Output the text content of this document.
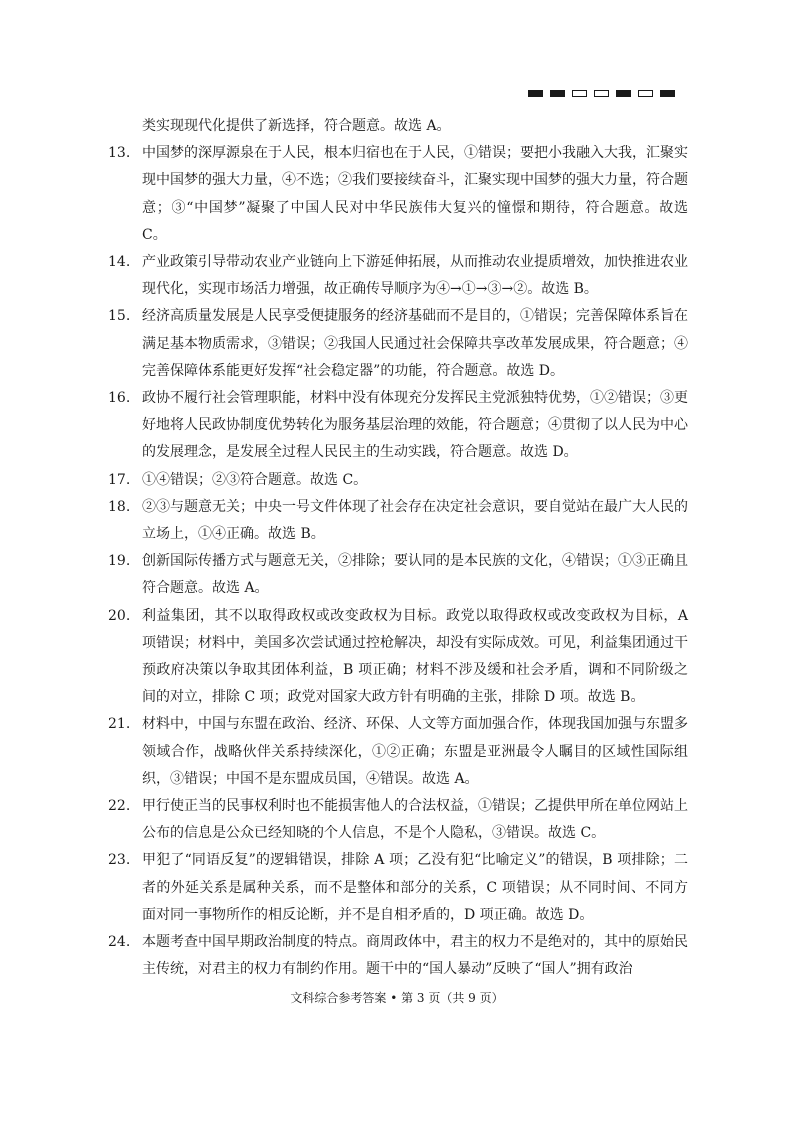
类实现现代化提供了新选择，符合题意。故选 A。
13. 中国梦的深厚源泉在于人民，根本归宿也在于人民，①错误；要把小我融入大我，汇聚实现中国梦的强大力量，④不选；②我们要接续奋斗，汇聚实现中国梦的强大力量，符合题意；③“中国梦”凝聚了中国人民对中华民族伟大复兴的憧憬和期待，符合题意。故选 C。
14. 产业政策引导带动农业产业链向上下游延伸拓展，从而推动农业提质增效，加快推进农业现代化，实现市场活力增强，故正确传导顺序为④→①→③→②。故选 B。
15. 经济高质量发展是人民享受便捷服务的经济基础而不是目的，①错误；完善保障体系旨在满足基本物质需求，③错误；②我国人民通过社会保障共享改革发展成果，符合题意；④完善保障体系能更好发挥“社会稳定器”的功能，符合题意。故选 D。
16. 政协不履行社会管理职能，材料中没有体现充分发挥民主党派独特优势，①②错误；③更好地将人民政协制度优势转化为服务基层治理的效能，符合题意；④贯彻了以人民为中心的发展理念，是发展全过程人民民主的生动实践，符合题意。故选 D。
17. ①④错误；②③符合题意。故选 C。
18. ②③与题意无关；中央一号文件体现了社会存在决定社会意识，要自觉站在最广大人民的立场上，①④正确。故选 B。
19. 创新国际传播方式与题意无关，②排除；要认同的是本民族的文化，④错误；①③正确且符合题意。故选 A。
20. 利益集团，其不以取得政权或改变政权为目标。政党以取得政权或改变政权为目标，A 项错误；材料中，美国多次尝试通过控枪解决，却没有实际成效。可见，利益集团通过干预政府决策以争取其团体利益，B 项正确；材料不涉及缓和社会矛盾，调和不同阶级之间的对立，排除 C 项；政党对国家大政方针有明确的主张，排除 D 项。故选 B。
21. 材料中，中国与东盟在政治、经济、环保、人文等方面加强合作，体现我国加强与东盟多领域合作，战略伙伴关系持续深化，①②正确；东盟是亚洲最令人瞩目的区域性国际组织，③错误；中国不是东盟成员国，④错误。故选 A。
22. 甲行使正当的民事权利时也不能损害他人的合法权益，①错误；乙提供甲所在单位网站上公布的信息是公众已经知晓的个人信息，不是个人隐私，③错误。故选 C。
23. 甲犯了“同语反复”的逻辑错误，排除 A 项；乙没有犯“比喻定义”的错误，B 项排除；二者的外延关系是属种关系，而不是整体和部分的关系，C 项错误；从不同时间、不同方面对同一事物所作的相反论断，并不是自相矛盾的，D 项正确。故选 D。
24. 本题考查中国早期政治制度的特点。商周政体中，君主的权力不是绝对的，其中的原始民主传统，对君主的权力有制约作用。题干中的“国人暴动”反映了“国人”拥有政治
文科综合参考答案 • 第 3 页（共 9 页）
